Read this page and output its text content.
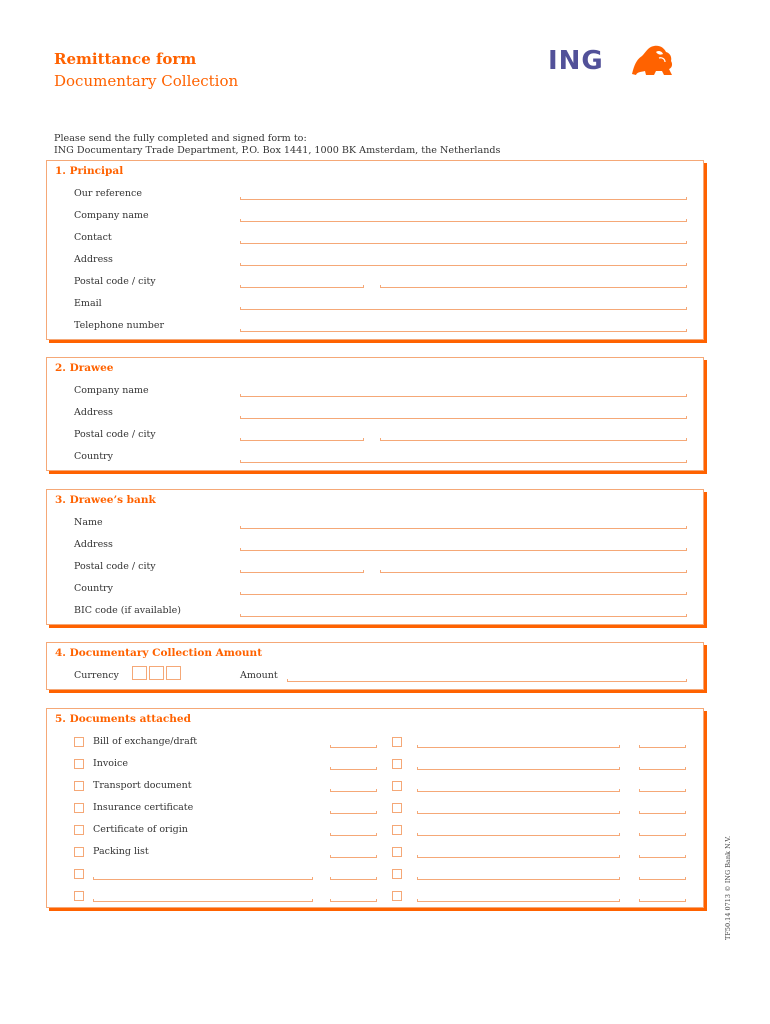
Remittance form
Documentary Collection
ING
Please send the fully completed and signed form to:
ING Documentary Trade Department, P.O. Box 1441, 1000 BK Amsterdam, the Netherlands
1. Principal
Our reference
Company name
Contact
Address
Postal code / city
Email
Telephone number
2. Drawee
Company name
Address
Postal code / city
Country
3. Drawee’s bank
Name
Address
Postal code / city
Country
BIC code (if available)
4. Documentary Collection Amount
Currency	Amount
5. Documents attached
Bill of exchange/draft
Invoice
Transport document
Insurance certificate
Certificate of origin
Packing list	TF50.14 0713 © ING Bank N.V.
